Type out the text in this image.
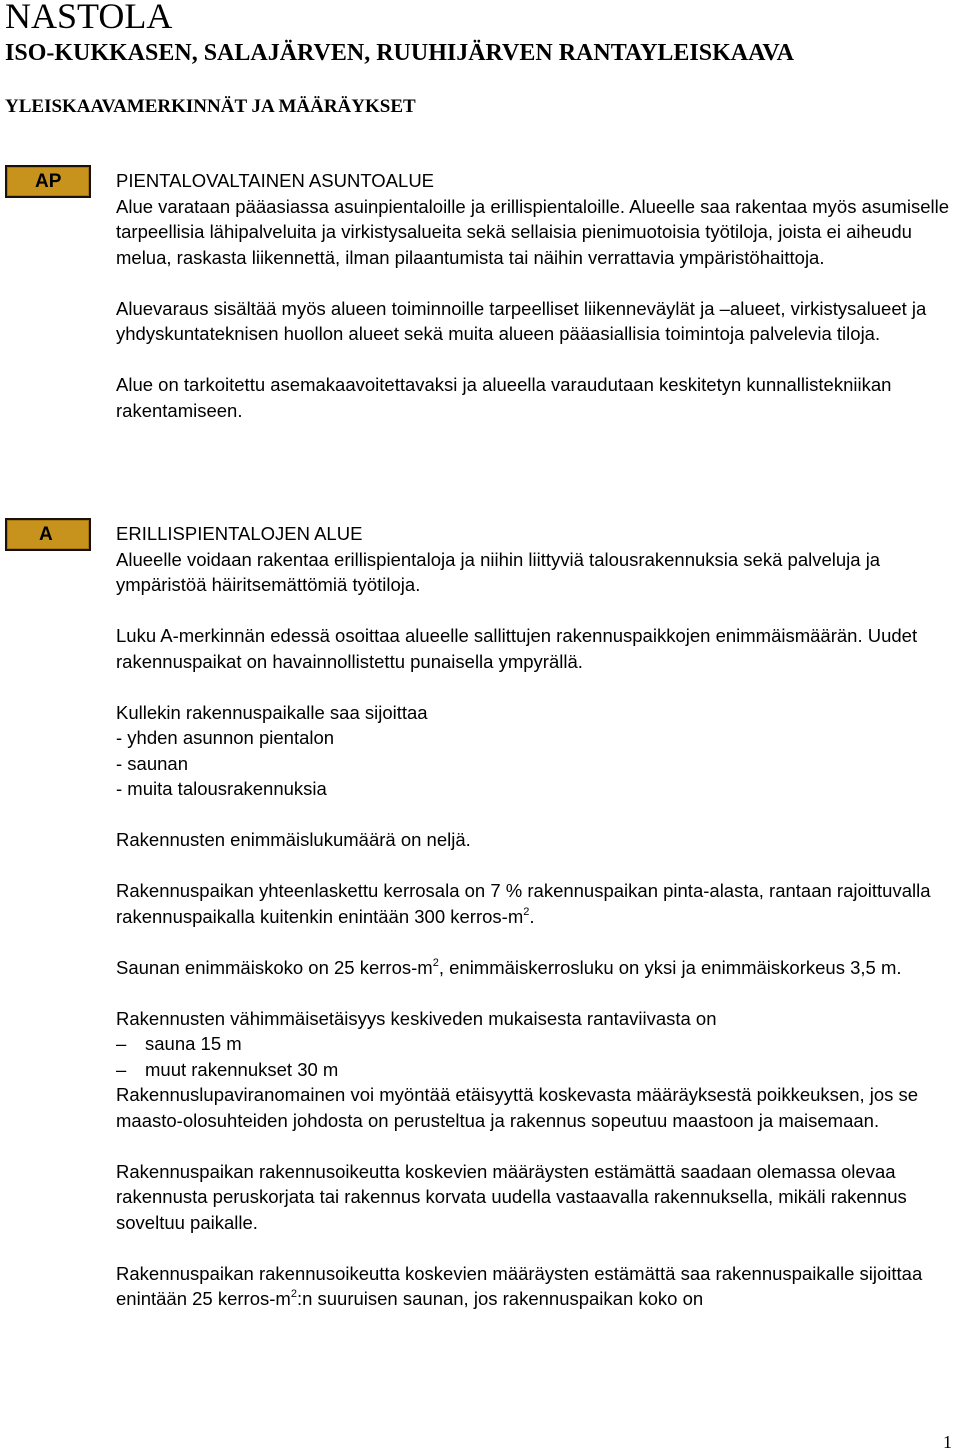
NASTOLA
ISO-KUKKASEN, SALAJÄRVEN, RUUHIJÄRVEN RANTAYLEISKAAVA
YLEISKAAVAMERKINNÄT JA MÄÄRÄYKSET
AP	PIENTALOVALTAINEN ASUNTOALUE

Alue varataan pääasiassa asuinpientaloille ja erillispientaloille. Alueelle saa rakentaa myös asumiselle tarpeellisia lähipalveluita ja virkistysalueita sekä sellaisia pienimuotoisia työtiloja, joista ei aiheudu melua, raskasta liikennettä, ilman pilaantumista tai näihin verrattavia ympäristöhaittoja.

Aluevaraus sisältää myös alueen toiminnoille tarpeelliset liikenneväylät ja –alueet, virkistysalueet ja yhdyskuntateknisen huollon alueet sekä muita alueen pääasiallisia toimintoja palvelevia tiloja.

Alue on tarkoitettu asemakaavoitettavaksi ja alueella varaudutaan keskitetyn kunnallistekniikan rakentamiseen.

A	ERILLISPIENTALOJEN ALUE

Alueelle voidaan rakentaa erillispientaloja ja niihin liittyviä talousrakennuksia sekä palveluja ja ympäristöä häiritsemättömiä työtiloja.

Luku A-merkinnän edessä osoittaa alueelle sallittujen rakennuspaikkojen enimmäismäärän. Uudet rakennuspaikat on havainnollistettu punaisella ympyrällä.

Kullekin rakennuspaikalle saa sijoittaa
- yhden asunnon pientalon
- saunan
- muita talousrakennuksia

Rakennusten enimmäislukumäärä on neljä.

Rakennuspaikan yhteenlaskettu kerrosala on 7 % rakennuspaikan pinta-alasta, rantaan rajoittuvalla rakennuspaikalla kuitenkin enintään 300 kerros-$m^2$.

Saunan enimmäiskoko on 25 kerros-$m^2$, enimmäiskerrosluku on yksi ja enimmäiskorkeus 3,5 m.

Rakennusten vähimmäisetäisyys keskiveden mukaisesta rantaviivasta on
–	sauna 15 m
–	muut rakennukset 30 m
Rakennuslupaviranomainen voi myöntää etäisyyttä koskevasta määräyksestä poikkeuksen, jos se maasto-olosuhteiden johdosta on perusteltua ja rakennus sopeutuu maastoon ja maisemaan.

Rakennuspaikan rakennusoikeutta koskevien määräysten estämättä saadaan olemassa olevaa rakennusta peruskorjata tai rakennus korvata uudella vastaavalla rakennuksella, mikäli rakennus soveltuu paikalle.

Rakennuspaikan rakennusoikeutta koskevien määräysten estämättä saa rakennuspaikalle sijoittaa enintään 25 kerros-$m^2:n$ suuruisen saunan, jos rakennuspaikan koko on

1
